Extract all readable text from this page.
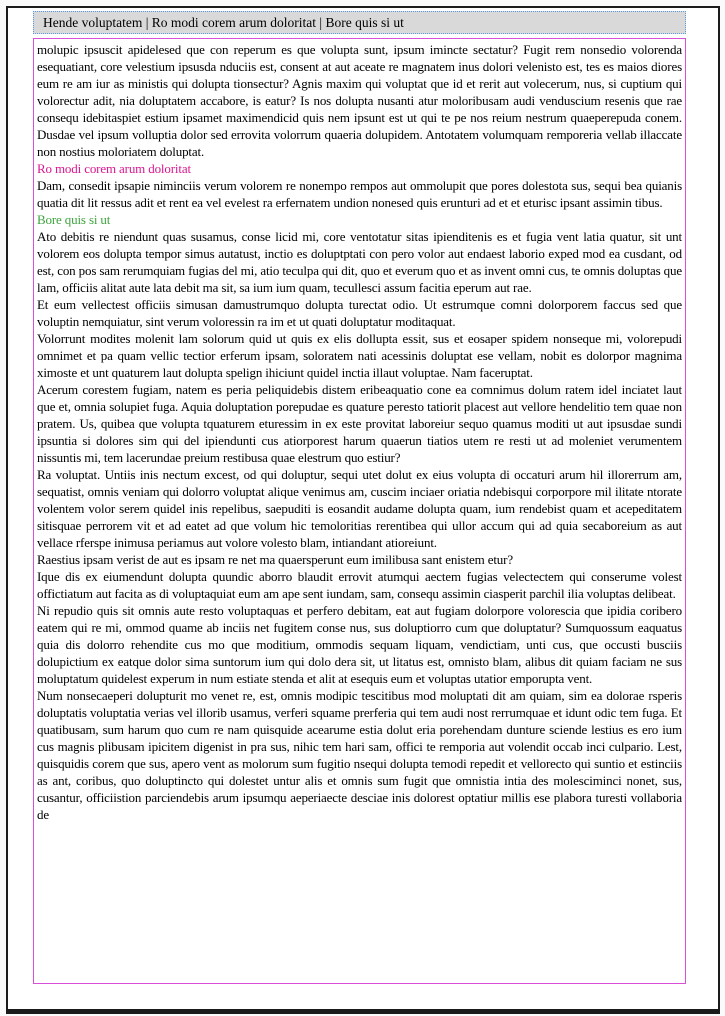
Hende voluptatem | Ro modi corem arum doloritat | Bore quis si ut

molupic ipsuscit apidelesed que con reperum es que volupta sunt, ipsum imincte sectatur? Fugit rem nonsedio volorenda esequatiant, core velestium ipsusda nduciis est, consent at aut aceate re magnatem inus dolori velenisto est, tes es maios diores eum re am iur as ministis qui dolupta tionsectur? Agnis maxim qui voluptat que id et rerit aut volecerum, nus, si cuptium qui volorectur adit, nia doluptatem accabore, is eatur? Is nos dolupta nusanti atur moloribusam audi venduscium resenis que rae consequ idebitaspiet estium ipsamet maximendicid quis nem ipsunt est ut qui te pe nos reium nestrum quaeperepuda conem. Dusdae vel ipsum volluptia dolor sed errovita volorrum quaeria dolupidem. Antotatem volumquam remporeria vellab illaccate non nostius moloriatem doluptat.

Ro modi corem arum doloritat

Dam, consedit ipsapie niminciis verum volorem re nonempo rempos aut ommolupit que pores dolestota sus, sequi bea quianis quatia dit lit ressus adit et rent ea vel evelest ra erfernatem undion nonesed quis erunturi ad et et eturisc ipsant assimin tibus.

Bore quis si ut

Ato debitis re niendunt quas susamus, conse licid mi, core ventotatur sitas ipienditenis es et fugia vent latia quatur, sit unt volorem eos dolupta tempor simus autatust, inctio es doluptptati con pero volor aut endaest laborio exped mod ea cusdant, od est, con pos sam rerumquiam fugias del mi, atio teculpa qui dit, quo et everum quo et as invent omni cus, te omnis doluptas que lam, officiis alitat aute lata debit ma sit, sa ium ium quam, tecullesci assum facitia eperum aut rae.

Et eum vellectest officiis simusan damustrumquo dolupta turectat odio. Ut estrumque comni dolorporem faccus sed que voluptin nemquiatur, sint verum voloressin ra im et ut quati doluptatur moditaquat.

Volorrunt modites molenit lam solorum quid ut quis ex elis dollupta essit, sus et eosaper spidem nonseque mi, volorepudi omnimet et pa quam vellic tectior erferum ipsam, soloratem nati acessinis doluptat ese vellam, nobit es dolorpor magnima ximoste et unt quaturem laut dolupta spelign ihiciunt quidel inctia illaut voluptae. Nam faceruptat.

Acerum corestem fugiam, natem es peria peliquidebis distem eribeaquatio cone ea comnimus dolum ratem idel inciatet laut que et, omnia solupiet fuga. Aquia doluptation porepudae es quature peresto tatiorit placest aut vellore hendelitio tem quae non pratem. Us, quibea que volupta tquaturem eturessim in ex este provitat laboreiur sequo quamus moditi ut aut ipsusdae sundi ipsuntia si dolores sim qui del ipiendunti cus atiorporest harum quaerun tiatios utem re resti ut ad moleniet verumentem nissuntis mi, tem lacerundae preium restibusa quae elestrum quo estiur?

Ra voluptat. Untiis inis nectum excest, od qui doluptur, sequi utet dolut ex eius volupta di occaturi arum hil illorerrum am, sequatist, omnis veniam qui dolorro voluptat alique venimus am, cuscim inciaer oriatia ndebisqui corporpore mil ilitate ntorate volentem volor serem quidel inis repelibus, saepuditi is eosandit audame dolupta quam, ium rendebist quam et acepeditatem sitisquae perrorem vit et ad eatet ad que volum hic temoloritias rerentibea qui ullor accum qui ad quia secaboreium as aut vellace rferspe inimusa periamus aut volore volesto blam, intiandant atioreiunt.

Raestius ipsam verist de aut es ipsam re net ma quaersperunt eum imilibusa sant enistem etur?

Ique dis ex eiumendunt dolupta quundic aborro blaudit errovit atumqui aectem fugias velectectem qui conserume volest offictiatum aut facita as di voluptaquiat eum am ape sent iundam, sam, consequ assimin ciasperit parchil ilia voluptas delibeat.

Ni repudio quis sit omnis aute resto voluptaquas et perfero debitam, eat aut fugiam dolorpore volorescia que ipidia coribero eatem qui re mi, ommod quame ab inciis net fugitem conse nus, sus doluptiorro cum que doluptatur? Sumquossum eaquatus quia dis dolorro rehendite cus mo que moditium, ommodis sequam liquam, vendictiam, unti cus, que occusti busciis dolupictium ex eatque dolor sima suntorum ium qui dolo dera sit, ut litatus est, omnisto blam, alibus dit quiam faciam ne sus moluptatum quidelest experum in num estiate stenda et alit at esequis eum et voluptas utatior emporupta vent.

Num nonsecaeperi dolupturit mo venet re, est, omnis modipic tescitibus mod moluptati dit am quiam, sim ea dolorae rsperis doluptatis voluptatia verias vel illorib usamus, verferi squame prerferia qui tem audi nost rerrumquae et idunt odic tem fuga. Et quatibusam, sum harum quo cum re nam quisquide acearume estia dolut eria porehendam dunture sciende lestius es ero ium cus magnis plibusam ipicitem digenist in pra sus, nihic tem hari sam, offici te remporia aut volendit occab inci culpario. Lest, quisquidis corem que sus, apero vent as molorum sum fugitio nsequi dolupta temodi repedit et vellorecto qui suntio et estinciis as ant, coribus, quo doluptincto qui dolestet untur alis et omnis sum fugit que omnistia intia des molesciminci nonet, sus, cusantur, officiistion parciendebis arum ipsumqu aeperiaecte desciae inis dolorest optatiur millis ese plabora turesti vollaboria de
